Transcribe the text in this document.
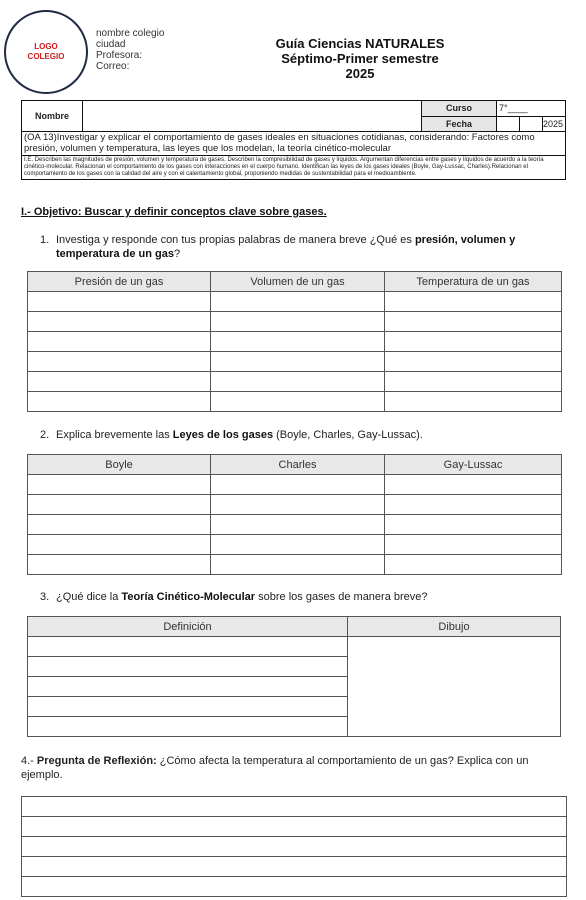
LOGO
COLEGIO
nombre colegio
ciudad
Profesora:
Correo:
Guía Ciencias NATURALES
Séptimo-Primer semestre
2025
Nombre
Curso	7°____
Fecha	2025
(OA 13)Investigar y explicar el comportamiento de gases ideales en situaciones cotidianas, considerando: Factores como presión, volumen y temperatura, las leyes que los modelan, la teoría cinético-molecular
I.E. Describen las magnitudes de presión, volumen y temperatura de gases. Describen la compresibilidad de gases y líquidos. Argumentan diferencias entre gases y líquidos de acuerdo a la teoría cinético-molecular. Relacionan el comportamiento de los gases con interacciones en el cuerpo humano. Identifican las leyes de los gases ideales (Boyle, Gay-Lussac, Charles).Relacionan el comportamiento de los gases con la calidad del aire y con el calentamiento global, proponiendo medidas de sustentabilidad para el medioambiente.
I.- Objetivo: Buscar y definir conceptos clave sobre gases.
1. Investiga y responde con tus propias palabras de manera breve ¿Qué es presión, volumen y temperatura de un gas?
Presión de un gas	Volumen de un gas	Temperatura de un gas

2. Explica brevemente las Leyes de los gases (Boyle, Charles, Gay-Lussac).
Boyle	Charles	Gay-Lussac

3. ¿Qué dice la Teoría Cinético-Molecular sobre los gases de manera breve?
Definición	Dibujo

4.- Pregunta de Reflexión: ¿Cómo afecta la temperatura al comportamiento de un gas? Explica con un ejemplo.
